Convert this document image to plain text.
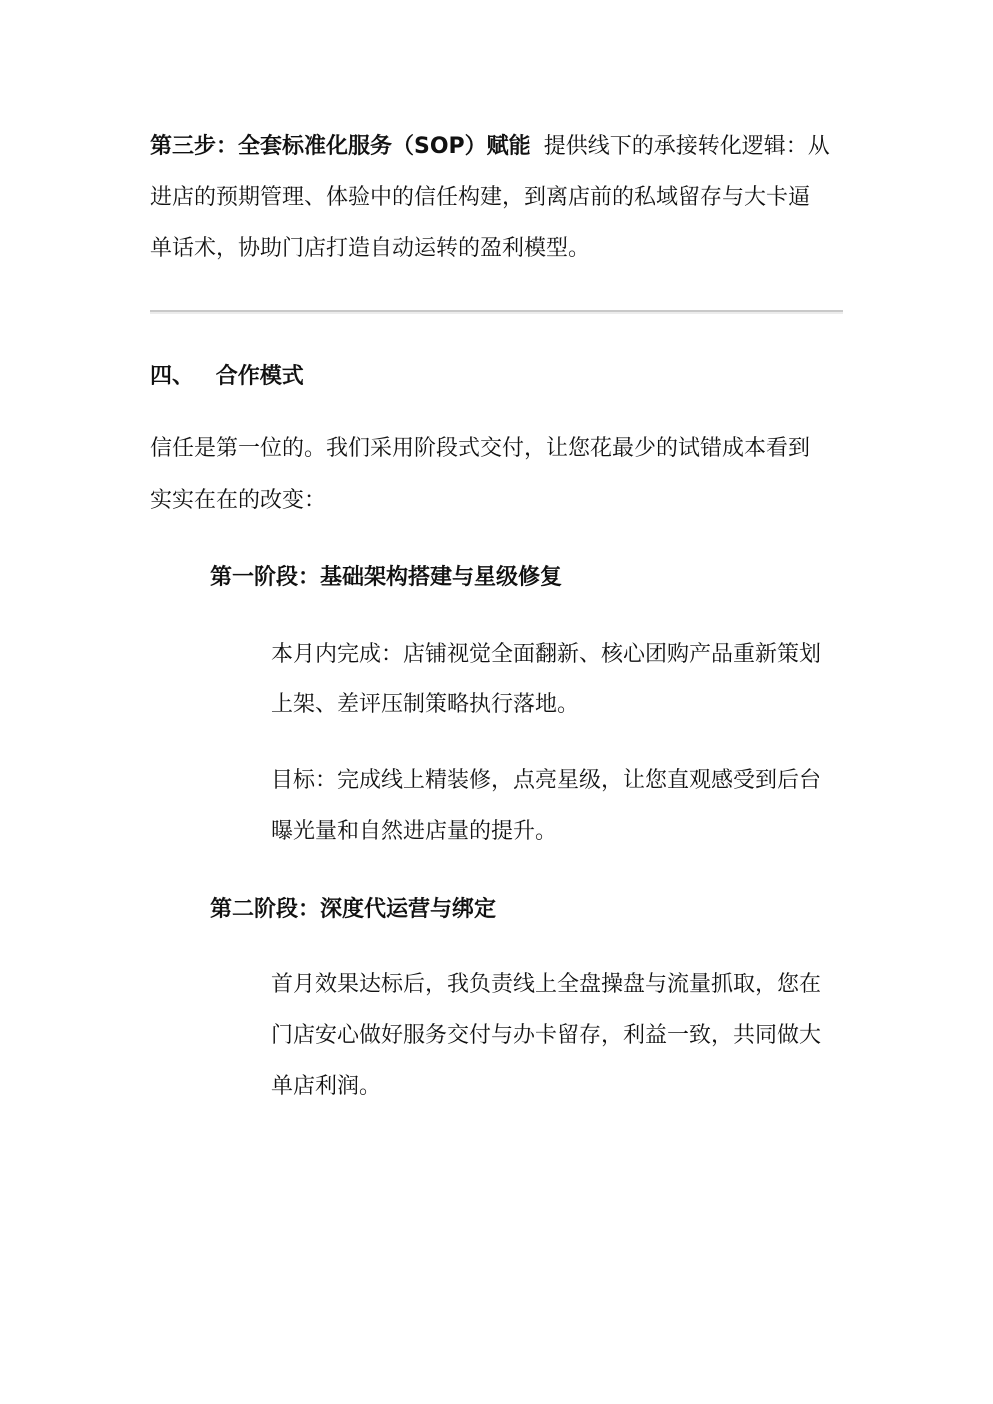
第三步：全套标准化服务（SOP）赋能 提供线下的承接转化逻辑：从
进店的预期管理、体验中的信任构建，到离店前的私域留存与大卡逼
单话术，协助门店打造自动运转的盈利模型。
四、 合作模式
信任是第一位的。我们采用阶段式交付，让您花最少的试错成本看到
实实在在的改变：
第一阶段：基础架构搭建与星级修复
本月内完成：店铺视觉全面翻新、核心团购产品重新策划
上架、差评压制策略执行落地。
目标：完成线上精装修，点亮星级，让您直观感受到后台
曝光量和自然进店量的提升。
第二阶段：深度代运营与绑定
首月效果达标后，我负责线上全盘操盘与流量抓取，您在
门店安心做好服务交付与办卡留存，利益一致，共同做大
单店利润。
